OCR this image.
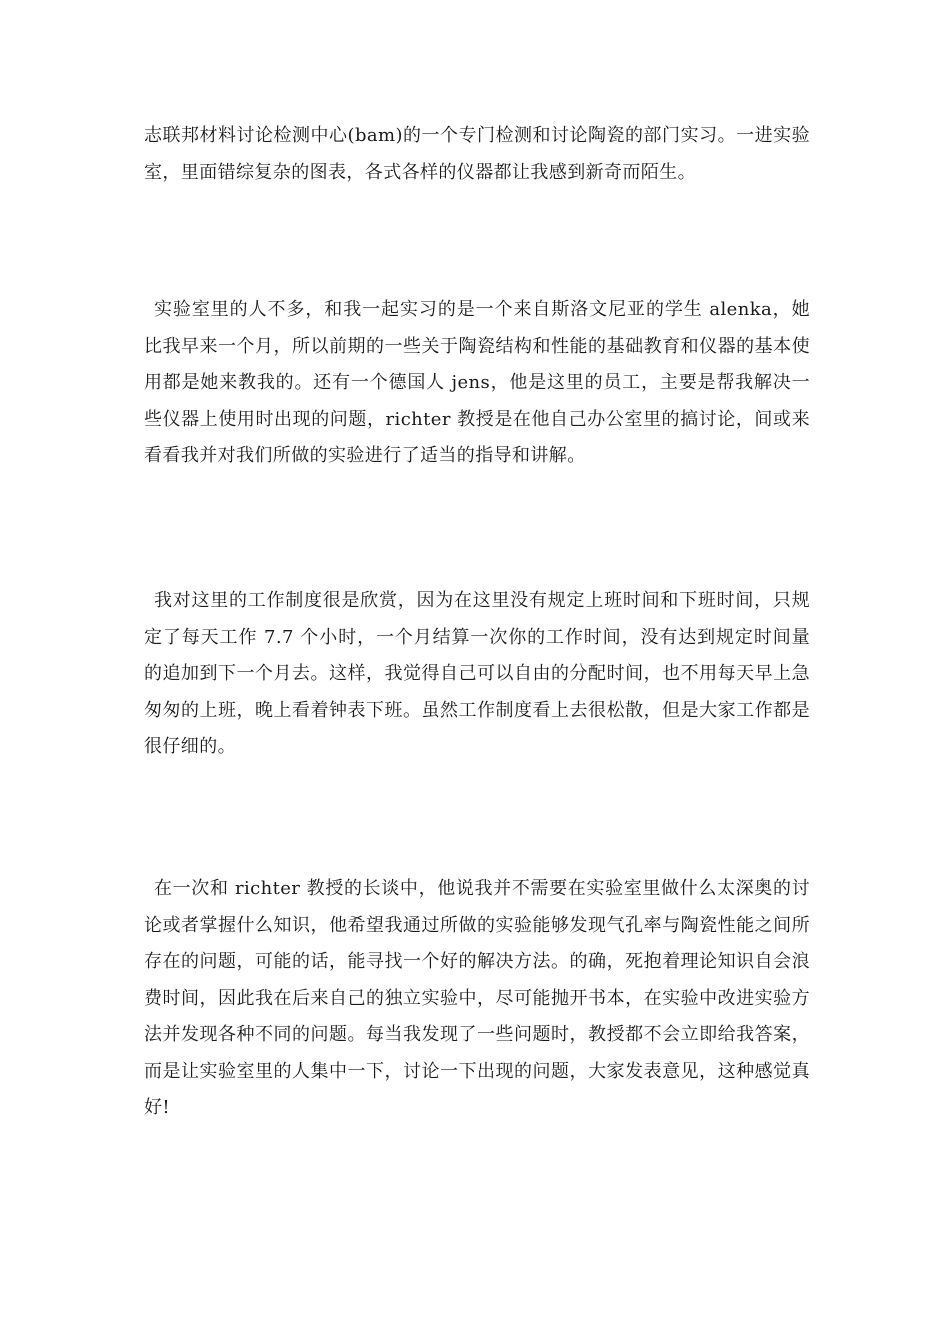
志联邦材料讨论检测中心(bam)的一个专门检测和讨论陶瓷的部门实习。一进实验室，里面错综复杂的图表，各式各样的仪器都让我感到新奇而陌生。

实验室里的人不多，和我一起实习的是一个来自斯洛文尼亚的学生 alenka，她比我早来一个月，所以前期的一些关于陶瓷结构和性能的基础教育和仪器的基本使用都是她来教我的。还有一个德国人 jens，他是这里的员工，主要是帮我解决一些仪器上使用时出现的问题，richter 教授是在他自己办公室里的搞讨论，间或来看看我并对我们所做的实验进行了适当的指导和讲解。

我对这里的工作制度很是欣赏，因为在这里没有规定上班时间和下班时间，只规定了每天工作 7.7 个小时，一个月结算一次你的工作时间，没有达到规定时间量的追加到下一个月去。这样，我觉得自己可以自由的分配时间，也不用每天早上急匆匆的上班，晚上看着钟表下班。虽然工作制度看上去很松散，但是大家工作都是很仔细的。

在一次和 richter 教授的长谈中，他说我并不需要在实验室里做什么太深奥的讨论或者掌握什么知识，他希望我通过所做的实验能够发现气孔率与陶瓷性能之间所存在的问题，可能的话，能寻找一个好的解决方法。的确，死抱着理论知识自会浪费时间，因此我在后来自己的独立实验中，尽可能抛开书本，在实验中改进实验方法并发现各种不同的问题。每当我发现了一些问题时，教授都不会立即给我答案，而是让实验室里的人集中一下，讨论一下出现的问题，大家发表意见，这种感觉真好!
